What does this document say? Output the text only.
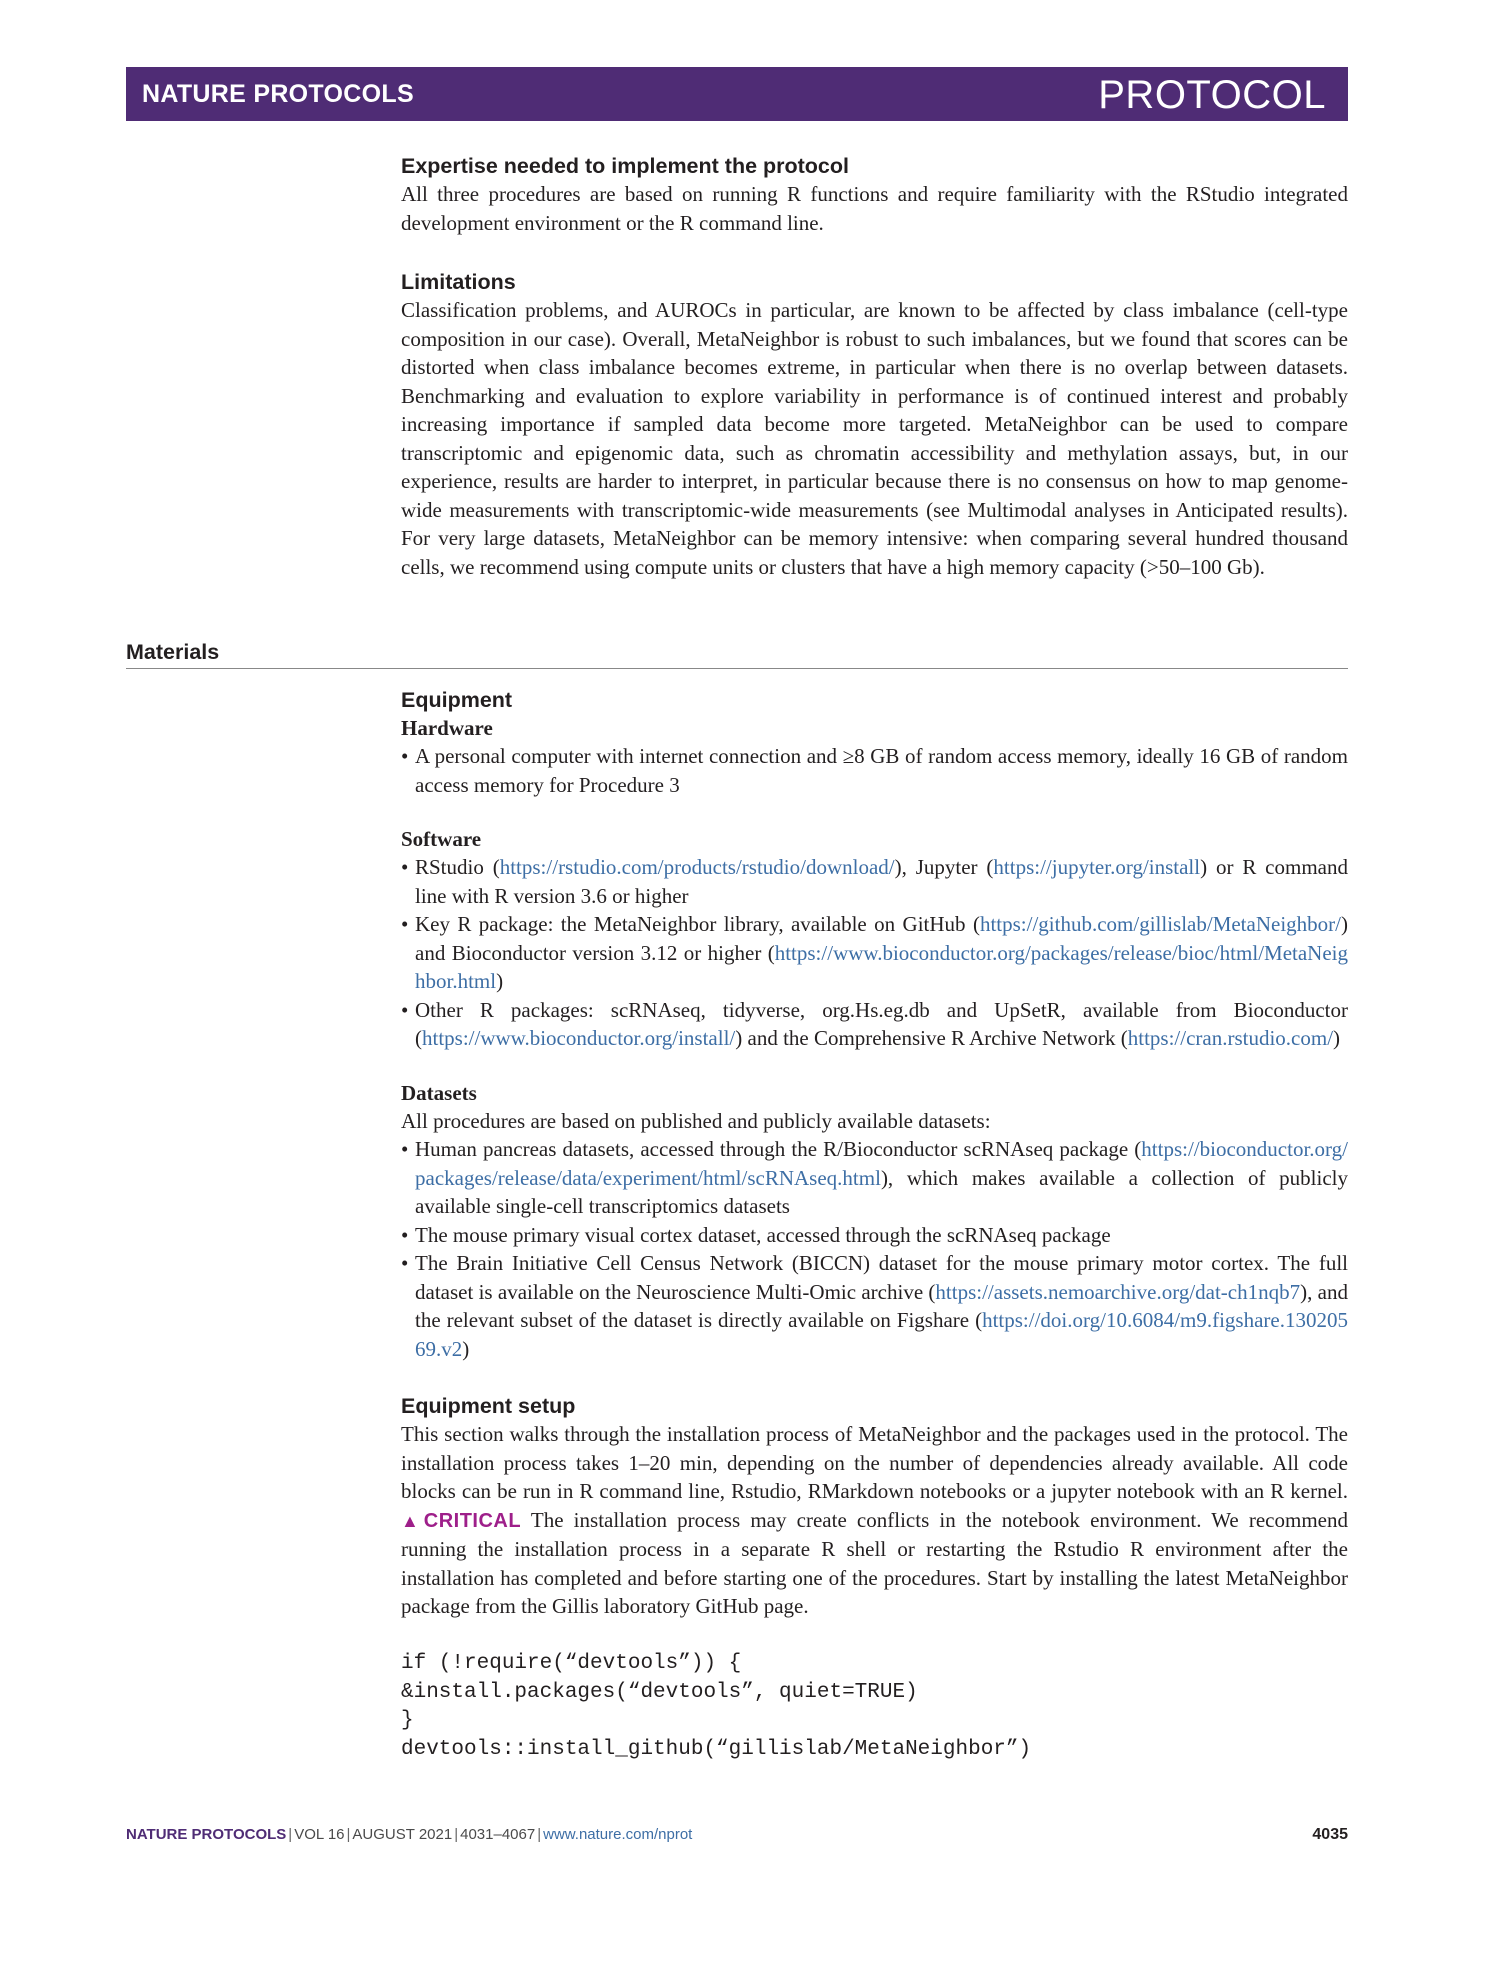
NATURE PROTOCOLS	PROTOCOL

Expertise needed to implement the protocol

All three procedures are based on running R functions and require familiarity with the RStudio integrated development environment or the R command line.

Limitations

Classification problems, and AUROCs in particular, are known to be affected by class imbalance (cell-type composition in our case). Overall, MetaNeighbor is robust to such imbalances, but we found that scores can be distorted when class imbalance becomes extreme, in particular when there is no overlap between datasets. Benchmarking and evaluation to explore variability in performance is of continued interest and probably increasing importance if sampled data become more targeted. MetaNeighbor can be used to compare transcriptomic and epigenomic data, such as chromatin accessibility and methylation assays, but, in our experience, results are harder to interpret, in particular because there is no consensus on how to map genome-wide measurements with transcriptomic-wide measurements (see Multimodal analyses in Anticipated results). For very large datasets, MetaNeighbor can be memory intensive: when comparing several hundred thousand cells, we recommend using compute units or clusters that have a high memory capacity (>50–100 Gb).

Materials

Equipment

Hardware

• A personal computer with internet connection and ≥8 GB of random access memory, ideally 16 GB of random access memory for Procedure 3

Software

• RStudio (https://rstudio.com/products/rstudio/download/), Jupyter (https://jupyter.org/install) or R command line with R version 3.6 or higher
• Key R package: the MetaNeighbor library, available on GitHub (https://github.com/gillislab/MetaNeighbor/) and Bioconductor version 3.12 or higher (https://www.bioconductor.org/packages/release/bioc/html/MetaNeighbor.html)
• Other R packages: scRNAseq, tidyverse, org.Hs.eg.db and UpSetR, available from Bioconductor (https://www.bioconductor.org/install/) and the Comprehensive R Archive Network (https://cran.rstudio.com/)

Datasets

All procedures are based on published and publicly available datasets:

• Human pancreas datasets, accessed through the R/Bioconductor scRNAseq package (https://bioconductor.org/packages/release/data/experiment/html/scRNAseq.html), which makes available a collection of publicly available single-cell transcriptomics datasets
• The mouse primary visual cortex dataset, accessed through the scRNAseq package
• The Brain Initiative Cell Census Network (BICCN) dataset for the mouse primary motor cortex. The full dataset is available on the Neuroscience Multi-Omic archive (https://assets.nemoarchive.org/dat-ch1nqb7), and the relevant subset of the dataset is directly available on Figshare (https://doi.org/10.6084/m9.figshare.13020569.v2)

Equipment setup

This section walks through the installation process of MetaNeighbor and the packages used in the protocol. The installation process takes 1–20 min, depending on the number of dependencies already available. All code blocks can be run in R command line, Rstudio, RMarkdown notebooks or a jupyter notebook with an R kernel. ▲CRITICAL The installation process may create conflicts in the notebook environment. We recommend running the installation process in a separate R shell or restarting the Rstudio R environment after the installation has completed and before starting one of the procedures. Start by installing the latest MetaNeighbor package from the Gillis laboratory GitHub page.

if (!require(“devtools”)) {
&install.packages(“devtools”, quiet=TRUE)
}
devtools::install_github(“gillislab/MetaNeighbor”)
NATURE PROTOCOLS | VOL 16 | AUGUST 2021 | 4031–4067 | www.nature.com/nprot	4035
